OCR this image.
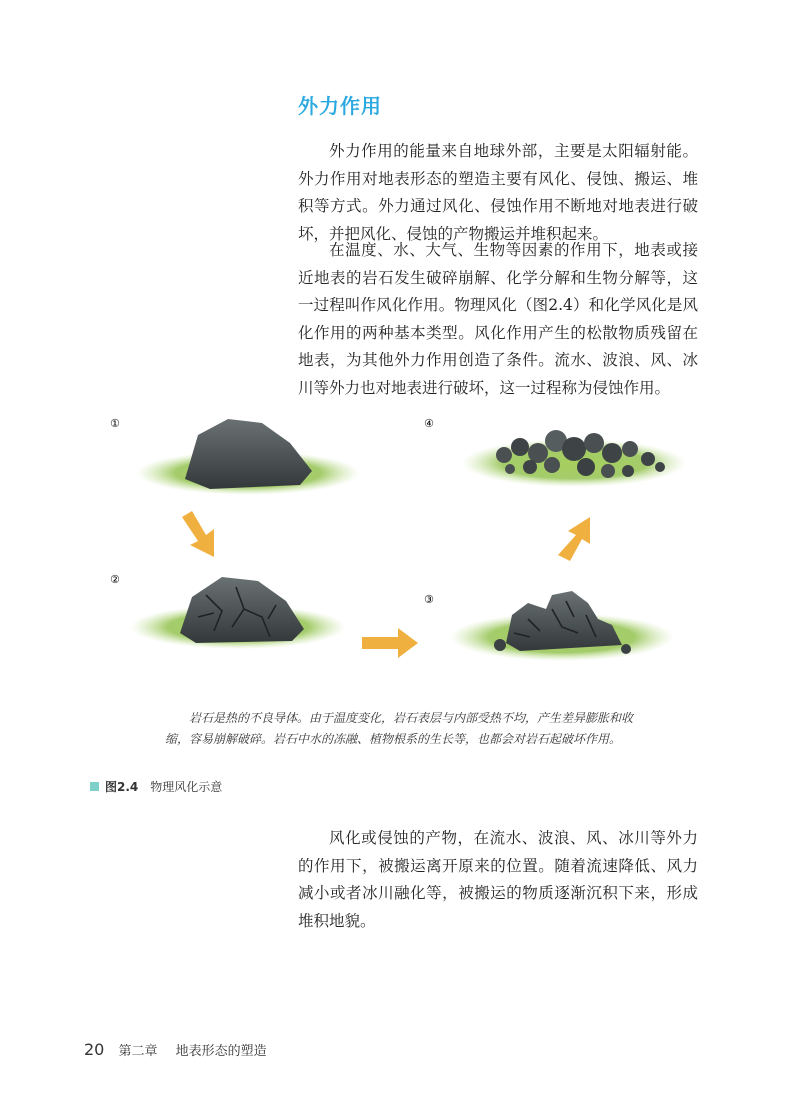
外力作用

外力作用的能量来自地球外部，主要是太阳辐射能。外力作用对地表形态的塑造主要有风化、侵蚀、搬运、堆积等方式。外力通过风化、侵蚀作用不断地对地表进行破坏，并把风化、侵蚀的产物搬运并堆积起来。

在温度、水、大气、生物等因素的作用下，地表或接近地表的岩石发生破碎崩解、化学分解和生物分解等，这一过程叫作风化作用。物理风化（图2.4）和化学风化是风化作用的两种基本类型。风化作用产生的松散物质残留在地表，为其他外力作用创造了条件。流水、波浪、风、冰川等外力也对地表进行破坏，这一过程称为侵蚀作用。

①
②
③
④

岩石是热的不良导体。由于温度变化，岩石表层与内部受热不均，产生差异膨胀和收缩，容易崩解破碎。岩石中水的冻融、植物根系的生长等，也都会对岩石起破坏作用。

图2.4 物理风化示意

风化或侵蚀的产物，在流水、波浪、风、冰川等外力的作用下，被搬运离开原来的位置。随着流速降低、风力减小或者冰川融化等，被搬运的物质逐渐沉积下来，形成堆积地貌。

20 第二章 地表形态的塑造
